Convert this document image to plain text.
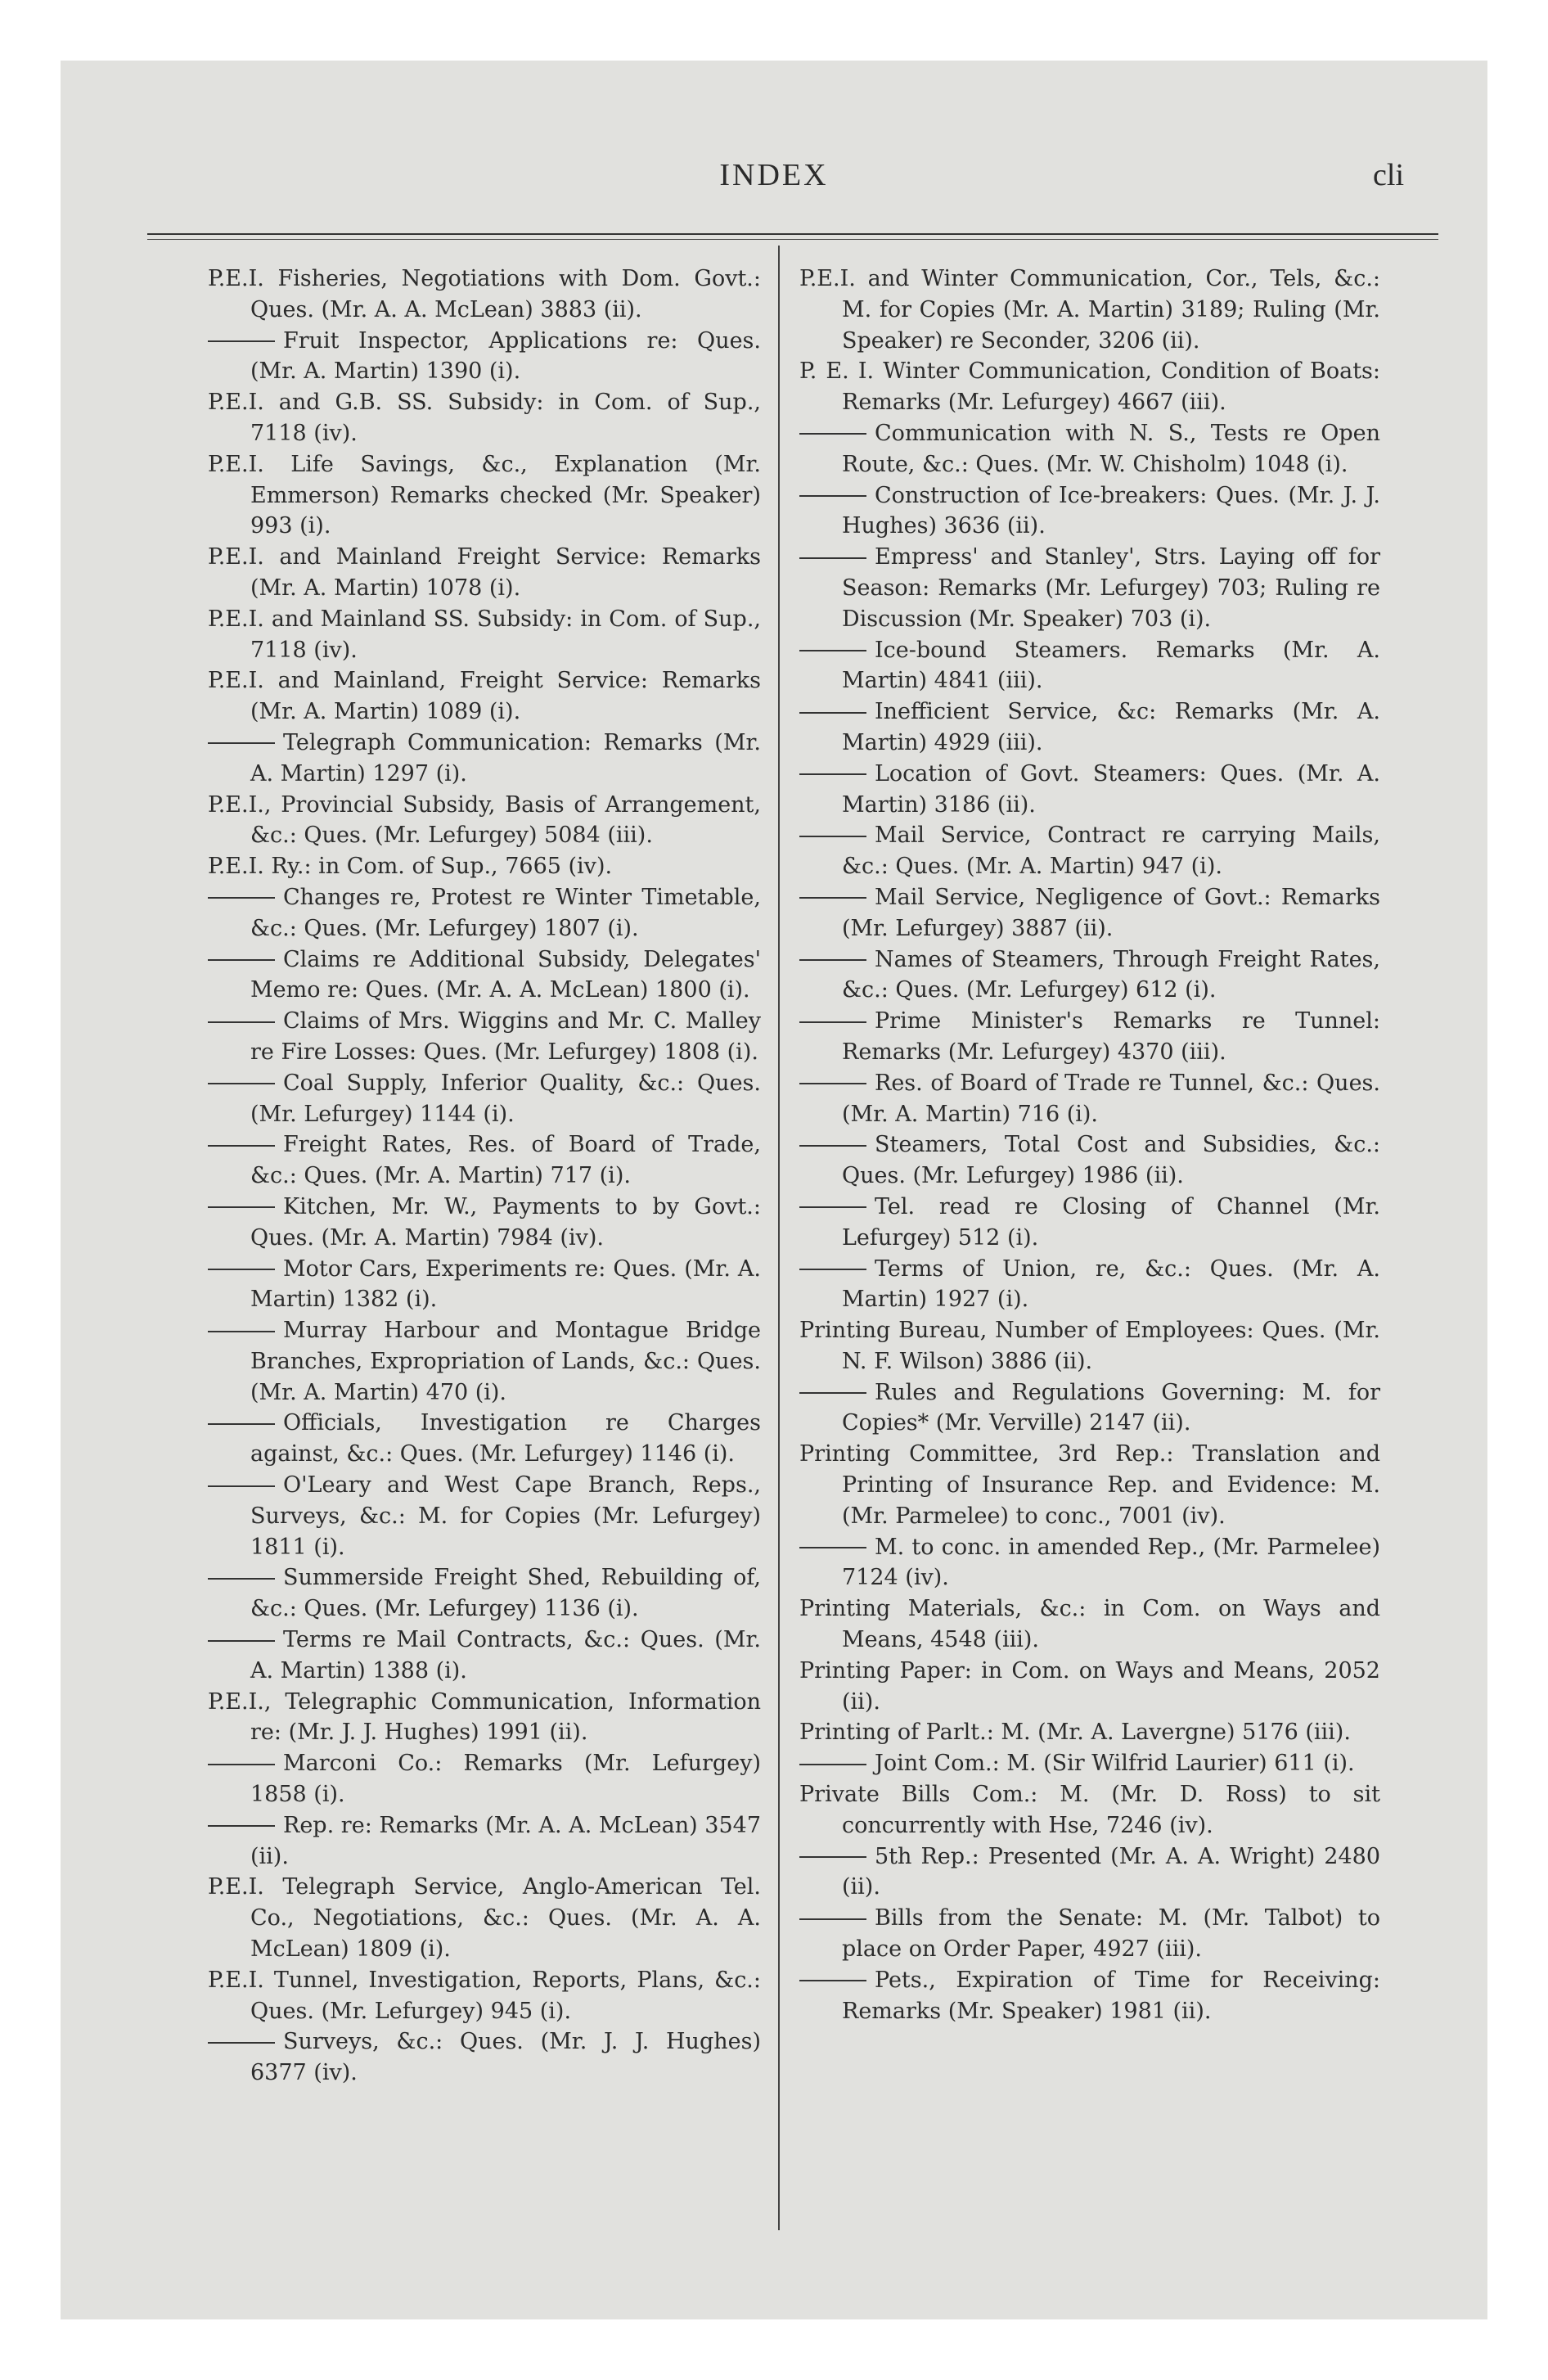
INDEX	cli

P.E.I. Fisheries, Negotiations with Dom. Govt.: Ques. (Mr. A. A. McLean) 3883 (ii).

Fruit Inspector, Applications re: Ques. (Mr. A. Martin) 1390 (i).

P.E.I. and G.B. SS. Subsidy: in Com. of Sup., 7118 (iv).

P.E.I. Life Savings, &c., Explanation (Mr. Emmerson) Remarks checked (Mr. Speaker) 993 (i).

P.E.I. and Mainland Freight Service: Remarks (Mr. A. Martin) 1078 (i).

P.E.I. and Mainland SS. Subsidy: in Com. of Sup., 7118 (iv).

P.E.I. and Mainland, Freight Service: Remarks (Mr. A. Martin) 1089 (i).

Telegraph Communication: Remarks (Mr. A. Martin) 1297 (i).

P.E.I., Provincial Subsidy, Basis of Arrangement, &c.: Ques. (Mr. Lefurgey) 5084 (iii).

P.E.I. Ry.: in Com. of Sup., 7665 (iv).

Changes re, Protest re Winter Timetable, &c.: Ques. (Mr. Lefurgey) 1807 (i).

Claims re Additional Subsidy, Delegates' Memo re: Ques. (Mr. A. A. McLean) 1800 (i).

Claims of Mrs. Wiggins and Mr. C. Malley re Fire Losses: Ques. (Mr. Lefurgey) 1808 (i).

Coal Supply, Inferior Quality, &c.: Ques. (Mr. Lefurgey) 1144 (i).

Freight Rates, Res. of Board of Trade, &c.: Ques. (Mr. A. Martin) 717 (i).

Kitchen, Mr. W., Payments to by Govt.: Ques. (Mr. A. Martin) 7984 (iv).

Motor Cars, Experiments re: Ques. (Mr. A. Martin) 1382 (i).

Murray Harbour and Montague Bridge Branches, Expropriation of Lands, &c.: Ques. (Mr. A. Martin) 470 (i).

Officials, Investigation re Charges against, &c.: Ques. (Mr. Lefurgey) 1146 (i).

O'Leary and West Cape Branch, Reps., Surveys, &c.: M. for Copies (Mr. Lefurgey) 1811 (i).

Summerside Freight Shed, Rebuilding of, &c.: Ques. (Mr. Lefurgey) 1136 (i).

Terms re Mail Contracts, &c.: Ques. (Mr. A. Martin) 1388 (i).

P.E.I., Telegraphic Communication, Information re: (Mr. J. J. Hughes) 1991 (ii).

Marconi Co.: Remarks (Mr. Lefurgey) 1858 (i).

Rep. re: Remarks (Mr. A. A. McLean) 3547 (ii).

P.E.I. Telegraph Service, Anglo-American Tel. Co., Negotiations, &c.: Ques. (Mr. A. A. McLean) 1809 (i).

P.E.I. Tunnel, Investigation, Reports, Plans, &c.: Ques. (Mr. Lefurgey) 945 (i).

Surveys, &c.: Ques. (Mr. J. J. Hughes) 6377 (iv).

P.E.I. and Winter Communication, Cor., Tels, &c.: M. for Copies (Mr. A. Martin) 3189; Ruling (Mr. Speaker) re Seconder, 3206 (ii).

P. E. I. Winter Communication, Condition of Boats: Remarks (Mr. Lefurgey) 4667 (iii).

Communication with N. S., Tests re Open Route, &c.: Ques. (Mr. W. Chisholm) 1048 (i).

Construction of Ice-breakers: Ques. (Mr. J. J. Hughes) 3636 (ii).

Empress' and Stanley', Strs. Laying off for Season: Remarks (Mr. Lefurgey) 703; Ruling re Discussion (Mr. Speaker) 703 (i).

Ice-bound Steamers. Remarks (Mr. A. Martin) 4841 (iii).

Inefficient Service, &c: Remarks (Mr. A. Martin) 4929 (iii).

Location of Govt. Steamers: Ques. (Mr. A. Martin) 3186 (ii).

Mail Service, Contract re carrying Mails, &c.: Ques. (Mr. A. Martin) 947 (i).

Mail Service, Negligence of Govt.: Remarks (Mr. Lefurgey) 3887 (ii).

Names of Steamers, Through Freight Rates, &c.: Ques. (Mr. Lefurgey) 612 (i).

Prime Minister's Remarks re Tunnel: Remarks (Mr. Lefurgey) 4370 (iii).

Res. of Board of Trade re Tunnel, &c.: Ques. (Mr. A. Martin) 716 (i).

Steamers, Total Cost and Subsidies, &c.: Ques. (Mr. Lefurgey) 1986 (ii).

Tel. read re Closing of Channel (Mr. Lefurgey) 512 (i).

Terms of Union, re, &c.: Ques. (Mr. A. Martin) 1927 (i).

Printing Bureau, Number of Employees: Ques. (Mr. N. F. Wilson) 3886 (ii).

Rules and Regulations Governing: M. for Copies* (Mr. Verville) 2147 (ii).

Printing Committee, 3rd Rep.: Translation and Printing of Insurance Rep. and Evidence: M. (Mr. Parmelee) to conc., 7001 (iv).

M. to conc. in amended Rep., (Mr. Parmelee) 7124 (iv).

Printing Materials, &c.: in Com. on Ways and Means, 4548 (iii).

Printing Paper: in Com. on Ways and Means, 2052 (ii).

Printing of Parlt.: M. (Mr. A. Lavergne) 5176 (iii).

Joint Com.: M. (Sir Wilfrid Laurier) 611 (i).

Private Bills Com.: M. (Mr. D. Ross) to sit concurrently with Hse, 7246 (iv).

5th Rep.: Presented (Mr. A. A. Wright) 2480 (ii).

Bills from the Senate: M. (Mr. Talbot) to place on Order Paper, 4927 (iii).

Pets., Expiration of Time for Receiving: Remarks (Mr. Speaker) 1981 (ii).
